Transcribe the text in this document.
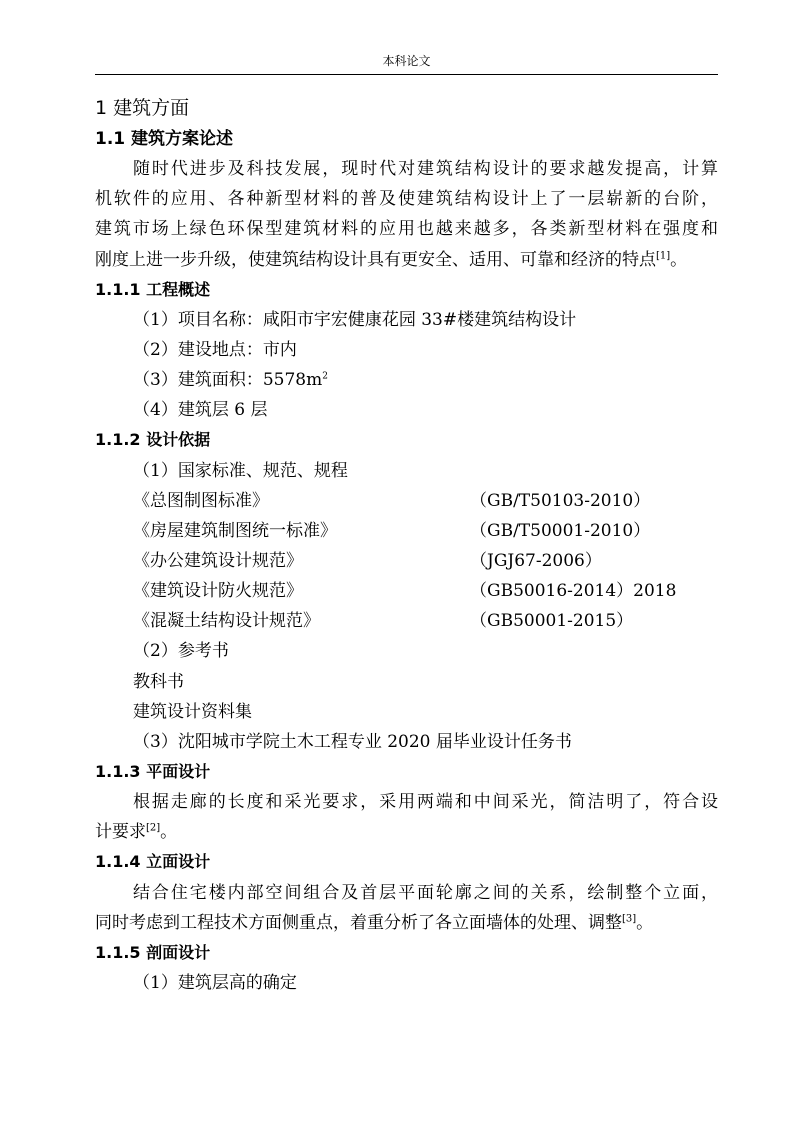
本科论文
1 建筑方面
1.1 建筑方案论述
随时代进步及科技发展，现时代对建筑结构设计的要求越发提高，计算
机软件的应用、各种新型材料的普及使建筑结构设计上了一层崭新的台阶，
建筑市场上绿色环保型建筑材料的应用也越来越多，各类新型材料在强度和
刚度上进一步升级，使建筑结构设计具有更安全、适用、可靠和经济的特点[1]。
1.1.1 工程概述
（1）项目名称：咸阳市宇宏健康花园 33#楼建筑结构设计
（2）建设地点：市内
（3）建筑面积：$5578m^2$
（4）建筑层 6 层
1.1.2 设计依据
（1）国家标准、规范、规程
《总图制图标准》	（GB/T50103-2010）
《房屋建筑制图统一标准》	（GB/T50001-2010）
《办公建筑设计规范》	（JGJ67-2006）
《建筑设计防火规范》	（GB50016-2014）2018
《混凝土结构设计规范》	（GB50001-2015）
（2）参考书
教科书
建筑设计资料集
（3）沈阳城市学院土木工程专业 2020 届毕业设计任务书
1.1.3 平面设计
根据走廊的长度和采光要求，采用两端和中间采光，简洁明了，符合设
计要求[2]。
1.1.4 立面设计
结合住宅楼内部空间组合及首层平面轮廓之间的关系，绘制整个立面，
同时考虑到工程技术方面侧重点，着重分析了各立面墙体的处理、调整[3]。
1.1.5 剖面设计
（1）建筑层高的确定
